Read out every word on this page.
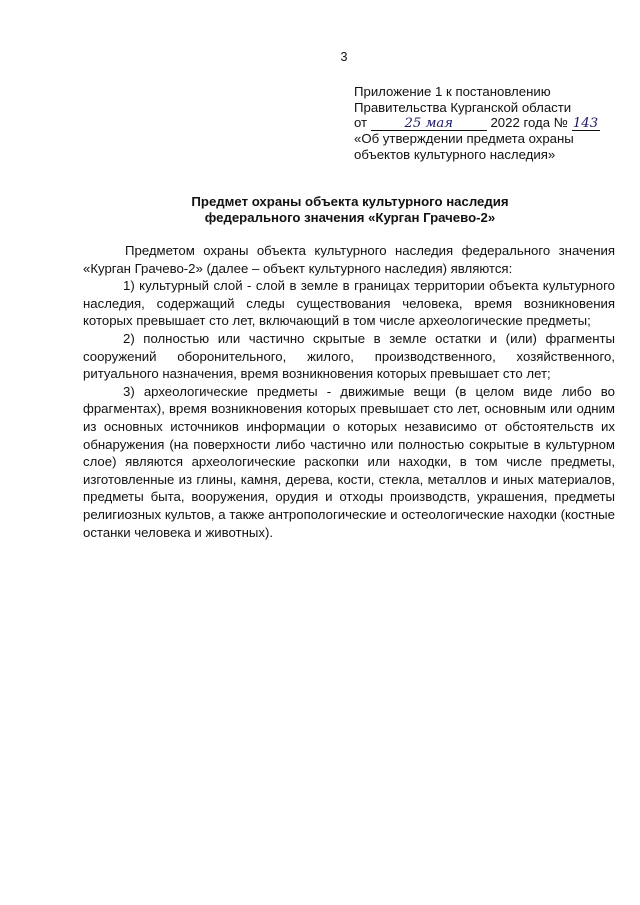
3
Приложение 1 к постановлению
Правительства Курганской области
от	25 мая	2022 года № 143
«Об утверждении предмета охраны
объектов культурного наследия»
Предмет охраны объекта культурного наследия
федерального значения «Курган Грачево-2»

Предметом охраны объекта культурного наследия федерального значения «Курган Грачево-2» (далее – объект культурного наследия) являются:

1) культурный слой - слой в земле в границах территории объекта культурного наследия, содержащий следы существования человека, время возникновения которых превышает сто лет, включающий в том числе археологические предметы;

2) полностью или частично скрытые в земле остатки и (или) фрагменты сооружений оборонительного, жилого, производственного, хозяйственного, ритуального назначения, время возникновения которых превышает сто лет;

3) археологические предметы - движимые вещи (в целом виде либо во фрагментах), время возникновения которых превышает сто лет, основным или одним из основных источников информации о которых независимо от обстоятельств их обнаружения (на поверхности либо частично или полностью сокрытые в культурном слое) являются археологические раскопки или находки, в том числе предметы, изготовленные из глины, камня, дерева, кости, стекла, металлов и иных материалов, предметы быта, вооружения, орудия и отходы производств, украшения, предметы религиозных культов, а также антропологические и остеологические находки (костные останки человека и животных).
